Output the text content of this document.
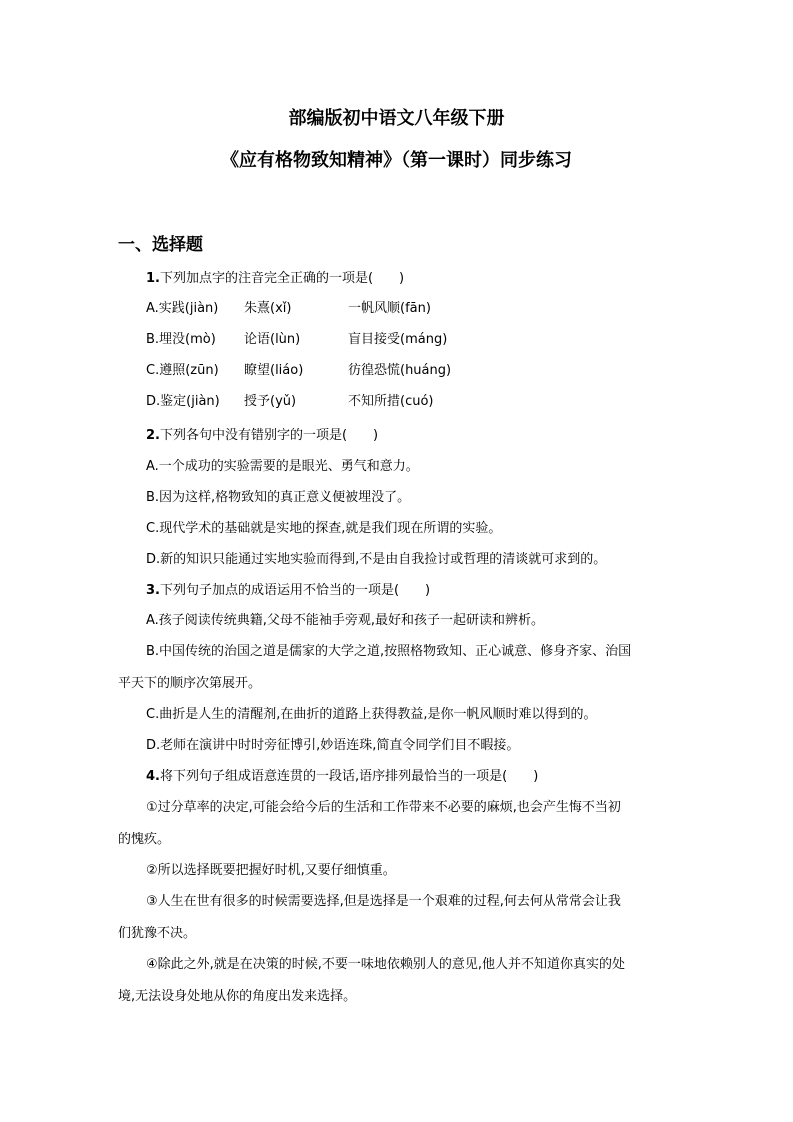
部编版初中语文八年级下册
《应有格物致知精神》（第一课时）同步练习
一、选择题
1.下列加点字的注音完全正确的一项是(　　)
A.实践(jiàn) 朱熹(xǐ)	一帆风顺(fān)
B.埋没(mò) 论语(lùn)	盲目接受(máng)
C.遵照(zūn) 瞭望(liáo)	彷徨恐慌(huáng)
D.鉴定(jiàn) 授予(yǔ)	不知所措(cuó)
2.下列各句中没有错别字的一项是(　　)
A.一个成功的实验需要的是眼光、勇气和意力。
B.因为这样,格物致知的真正意义便被埋没了。
C.现代学术的基础就是实地的探查,就是我们现在所谓的实验。
D.新的知识只能通过实地实验而得到,不是由自我捡讨或哲理的清谈就可求到的。
3.下列句子加点的成语运用不恰当的一项是(　　)
A.孩子阅读传统典籍,父母不能袖手旁观,最好和孩子一起研读和辨析。
B.中国传统的治国之道是儒家的大学之道,按照格物致知、正心诚意、修身齐家、治国
平天下的顺序次第展开。
C.曲折是人生的清醒剂,在曲折的道路上获得教益,是你一帆风顺时难以得到的。
D.老师在演讲中时时旁征博引,妙语连珠,简直令同学们目不暇接。
4.将下列句子组成语意连贯的一段话,语序排列最恰当的一项是(　　)
①过分草率的决定,可能会给今后的生活和工作带来不必要的麻烦,也会产生悔不当初
的愧疚。
②所以选择既要把握好时机,又要仔细慎重。
③人生在世有很多的时候需要选择,但是选择是一个艰难的过程,何去何从常常会让我
们犹豫不决。
④除此之外,就是在决策的时候,不要一味地依赖别人的意见,他人并不知道你真实的处
境,无法设身处地从你的角度出发来选择。
